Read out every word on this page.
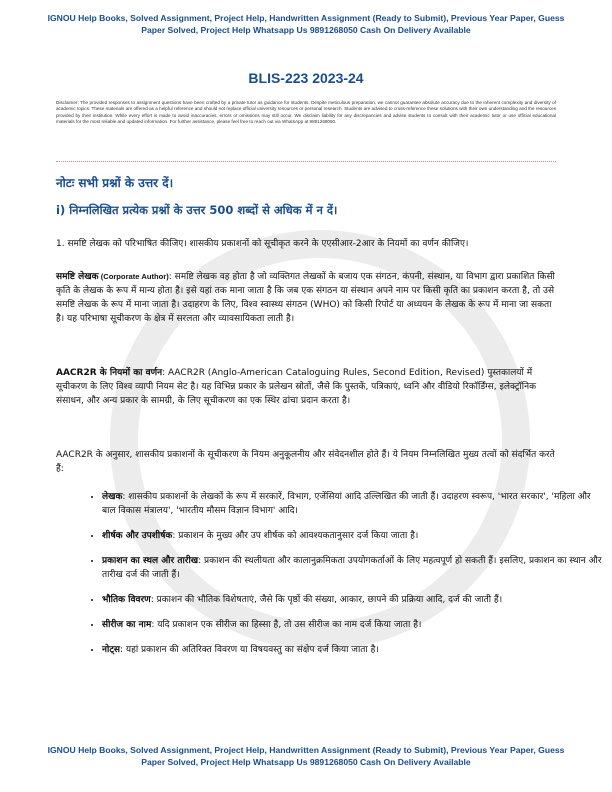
IGNOU Help Books, Solved Assignment, Project Help, Handwritten Assignment (Ready to Submit), Previous Year Paper, Guess Paper Solved, Project Help Whatsapp Us 9891268050 Cash On Delivery Available
BLIS-223 2023-24
Disclaimer: The provided responses to assignment questions have been crafted by a private tutor as guidance for students. Despite meticulous preparation, we cannot guarantee absolute accuracy due to the inherent complexity and diversity of academic topics. These materials are offered as a helpful reference and should not replace official university resources or personal research. Students are advised to cross-reference these solutions with their own understanding and the resources provided by their institution. While every effort is made to avoid inaccuracies, errors or omissions may still occur. We disclaim liability for any discrepancies and advise students to consult with their academic tutor or use official educational materials for the most reliable and updated information. For further assistance, please feel free to reach out via WhatsApp at 9891268050.
नोटः सभी प्रश्नों के उत्तर दें।
i) निम्नलिखित प्रत्येक प्रश्नों के उत्तर 500 शब्दों से अधिक में न दें।
1. समष्टि लेखक को परिभाषित कीजिए। शासकीय प्रकाशनों को सूचीकृत करने के एएसीआर-2आर के नियमों का वर्णन कीजिए।
समष्टि लेखक (Corporate Author): समष्टि लेखक वह होता है जो व्यक्तिगत लेखकों के बजाय एक संगठन, कंपनी, संस्थान, या विभाग द्वारा प्रकाशित किसी कृति के लेखक के रूप में मान्य होता है। इसे यहां तक माना जाता है कि जब एक संगठन या संस्थान अपने नाम पर किसी कृति का प्रकाशन करता है, तो उसे समष्टि लेखक के रूप में माना जाता है। उदाहरण के लिए, विश्व स्वास्थ्य संगठन (WHO) को किसी रिपोर्ट या अध्ययन के लेखक के रूप में माना जा सकता है। यह परिभाषा सूचीकरण के क्षेत्र में सरलता और व्यावसायिकता लाती है।
AACR2R के नियमों का वर्णन: AACR2R (Anglo-American Cataloguing Rules, Second Edition, Revised) पुस्तकालयों में सूचीकरण के लिए विश्व व्यापी नियम सेट है। यह विभिन्न प्रकार के प्रलेखन स्रोतों, जैसे कि पुस्तकें, पत्रिकाएं, ध्वनि और वीडियो रिकॉर्डिंग्स, इलेक्ट्रॉनिक संसाधन, और अन्य प्रकार के सामग्री, के लिए सूचीकरण का एक स्थिर ढांचा प्रदान करता है।
AACR2R के अनुसार, शासकीय प्रकाशनों के सूचीकरण के नियम अनुकूलनीय और संवेदनशील होते हैं। ये नियम निम्नलिखित मुख्य तत्वों को संदर्भित करते हैं:
• लेखक: शासकीय प्रकाशनों के लेखकों के रूप में सरकारें, विभाग, एजेंसियां आदि उल्लिखित की जाती हैं। उदाहरण स्वरूप, 'भारत सरकार', 'महिला और बाल विकास मंत्रालय', 'भारतीय मौसम विज्ञान विभाग' आदि।
• शीर्षक और उपशीर्षक: प्रकाशन के मुख्य और उप शीर्षक को आवश्यकतानुसार दर्ज किया जाता है।
• प्रकाशन का स्थल और तारीख: प्रकाशन की स्थलीयता और कालानुक्रमिकता उपयोगकर्ताओं के लिए महत्वपूर्ण हो सकती हैं। इसलिए, प्रकाशन का स्थान और तारीख दर्ज की जाती हैं।
• भौतिक विवरण: प्रकाशन की भौतिक विशेषताएं, जैसे कि पृष्ठों की संख्या, आकार, छापने की प्रक्रिया आदि, दर्ज की जाती हैं।
• सीरीज का नाम: यदि प्रकाशन एक सीरीज का हिस्सा है, तो उस सीरीज का नाम दर्ज किया जाता है।
• नोट्स: यहां प्रकाशन की अतिरिक्त विवरण या विषयवस्तु का संक्षेप दर्ज किया जाता है।
IGNOU Help Books, Solved Assignment, Project Help, Handwritten Assignment (Ready to Submit), Previous Year Paper, Guess Paper Solved, Project Help Whatsapp Us 9891268050 Cash On Delivery Available
